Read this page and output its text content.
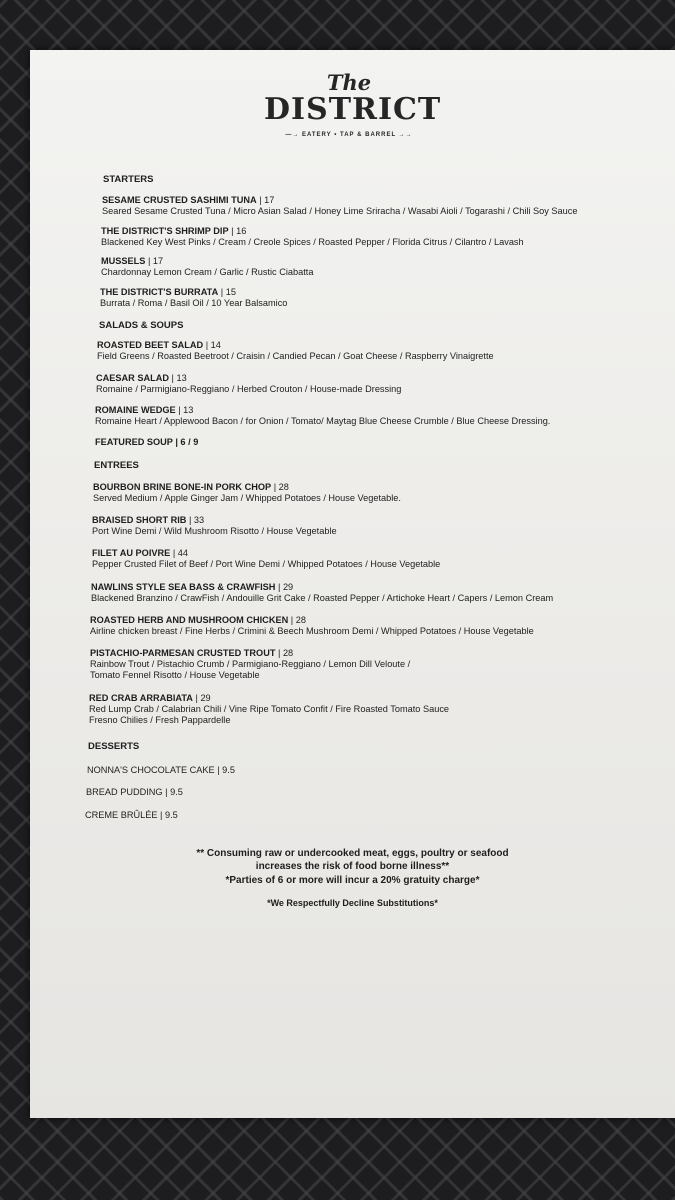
The
DISTRICT
—→ EATERY • TAP & BARREL →→
STARTERS
SESAME CRUSTED SASHIMI TUNA | 17
Seared Sesame Crusted Tuna / Micro Asian Salad / Honey Lime Sriracha / Wasabi Aioli / Togarashi / Chili Soy Sauce
THE DISTRICT'S SHRIMP DIP | 16
Blackened Key West Pinks / Cream / Creole Spices / Roasted Pepper / Florida Citrus / Cilantro / Lavash
MUSSELS | 17
Chardonnay Lemon Cream / Garlic / Rustic Ciabatta
THE DISTRICT'S BURRATA | 15
Burrata / Roma / Basil Oil / 10 Year Balsamico
SALADS & SOUPS
ROASTED BEET SALAD | 14
Field Greens / Roasted Beetroot / Craisin / Candied Pecan / Goat Cheese / Raspberry Vinaigrette
CAESAR SALAD | 13
Romaine / Parmigiano-Reggiano / Herbed Crouton / House-made Dressing
ROMAINE WEDGE | 13
Romaine Heart / Applewood Bacon / for Onion / Tomato/ Maytag Blue Cheese Crumble / Blue Cheese Dressing.
FEATURED SOUP | 6 / 9
ENTREES
BOURBON BRINE BONE-IN PORK CHOP | 28
Served Medium / Apple Ginger Jam / Whipped Potatoes / House Vegetable.
BRAISED SHORT RIB | 33
Port Wine Demi / Wild Mushroom Risotto / House Vegetable
FILET AU POIVRE | 44
Pepper Crusted Filet of Beef / Port Wine Demi / Whipped Potatoes / House Vegetable
NAWLINS STYLE SEA BASS & CRAWFISH | 29
Blackened Branzino / CrawFish / Andouille Grit Cake / Roasted Pepper / Artichoke Heart / Capers / Lemon Cream
ROASTED HERB AND MUSHROOM CHICKEN | 28
Airline chicken breast / Fine Herbs / Crimini & Beech Mushroom Demi / Whipped Potatoes / House Vegetable
PISTACHIO-PARMESAN CRUSTED TROUT | 28
Rainbow Trout / Pistachio Crumb / Parmigiano-Reggiano / Lemon Dill Veloute /
Tomato Fennel Risotto / House Vegetable
RED CRAB ARRABIATA | 29
Red Lump Crab / Calabrian Chili / Vine Ripe Tomato Confit / Fire Roasted Tomato Sauce
Fresno Chilies / Fresh Pappardelle
DESSERTS
NONNA'S CHOCOLATE CAKE | 9.5
BREAD PUDDING | 9.5
CREME BRÛLÉE | 9.5
** Consuming raw or undercooked meat, eggs, poultry or seafood
increases the risk of food borne illness**
*Parties of 6 or more will incur a 20% gratuity charge*
*We Respectfully Decline Substitutions*
